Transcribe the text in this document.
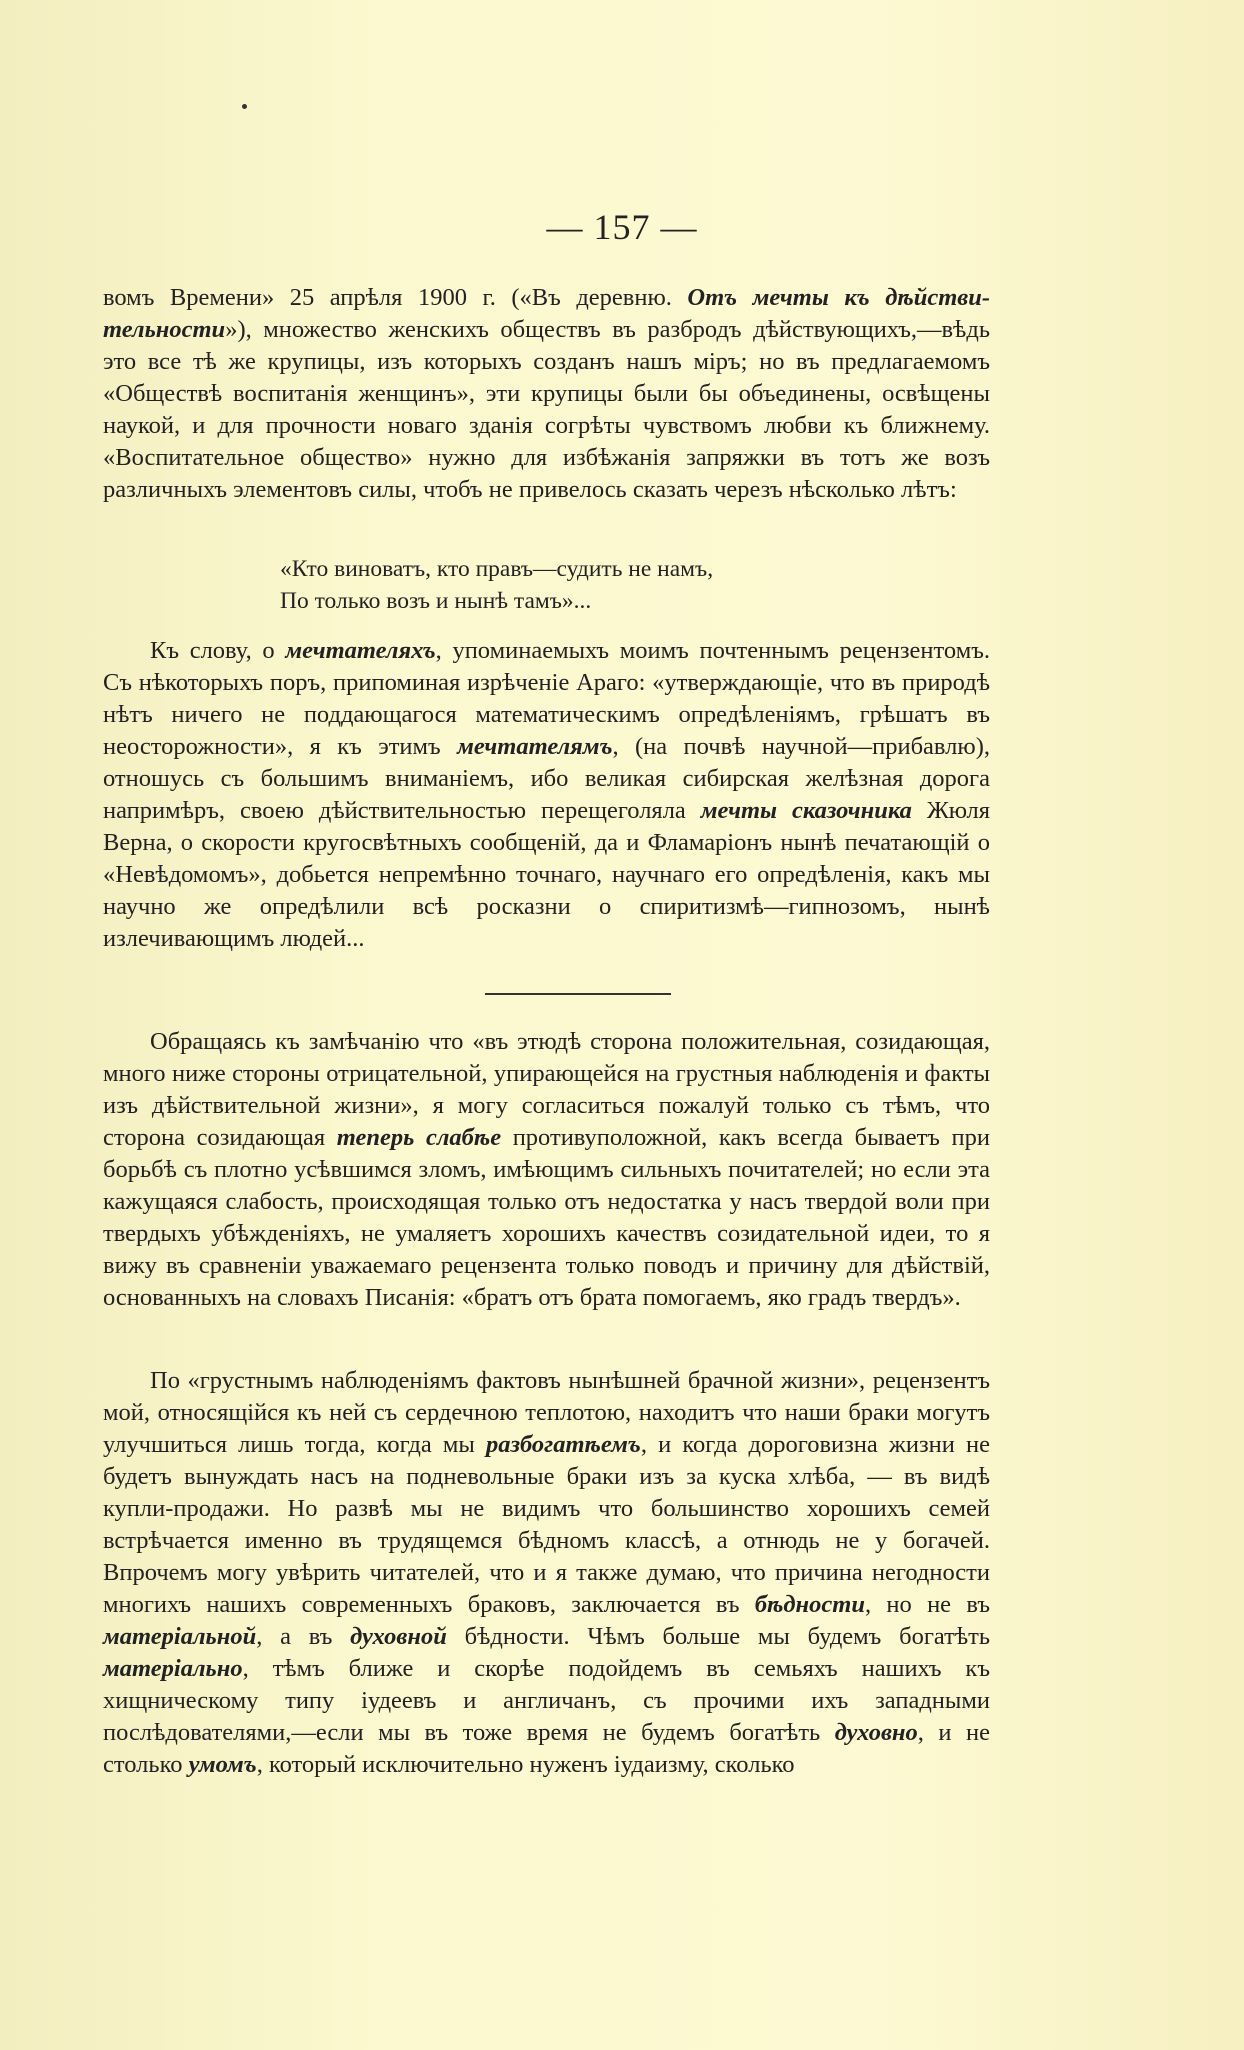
— 157 —

вомъ Времени» 25 апрѣля 1900 г. («Въ деревню. Отъ мечты къ дѣйстви-тельности»), множество женскихъ обществъ въ разбродъ дѣйствующихъ,—вѣдь это все тѣ же крупицы, изъ которыхъ созданъ нашъ міръ; но въ предлагаемомъ «Обществѣ воспитанія женщинъ», эти крупицы были бы объединены, освѣщены наукой, и для прочности новаго зданія согрѣты чувствомъ любви къ ближнему. «Воспитательное общество» нужно для избѣжанія запряжки въ тотъ же возъ различныхъ элементовъ силы, чтобъ не привелось сказать черезъ нѣсколько лѣтъ:

«Кто виноватъ, кто правъ—судить не намъ,
По только возъ и нынѣ тамъ»...

Къ слову, о мечтателяхъ, упоминаемыхъ моимъ почтеннымъ рецензентомъ. Съ нѣкоторыхъ поръ, припоминая изрѣченіе Араго: «утверждающіе, что въ природѣ нѣтъ ничего не поддающагося математическимъ опредѣленіямъ, грѣшатъ въ неосторожности», я къ этимъ мечтателямъ, (на почвѣ научной—прибавлю), отношусь съ большимъ вниманіемъ, ибо великая сибирская желѣзная дорога напримѣръ, своею дѣйствительностью перещеголяла мечты сказочника Жюля Верна, о скорости кругосвѣтныхъ сообщеній, да и Фламаріонъ нынѣ печатающій о «Невѣдомомъ», добьется непремѣнно точнаго, научнаго его опредѣленія, какъ мы научно же опредѣлили всѣ росказни о спиритизмѣ—гипнозомъ, нынѣ излечивающимъ людей...

Обращаясь къ замѣчанію что «въ этюдѣ сторона положительная, созидающая, много ниже стороны отрицательной, упирающейся на грустныя наблюденія и факты изъ дѣйствительной жизни», я могу согласиться пожалуй только съ тѣмъ, что сторона созидающая теперь слабѣе противуположной, какъ всегда бываетъ при борьбѣ съ плотно усѣвшимся зломъ, имѣющимъ сильныхъ почитателей; но если эта кажущаяся слабость, происходящая только отъ недостатка у насъ твердой воли при твердыхъ убѣжденіяхъ, не умаляетъ хорошихъ качествъ созидательной идеи, то я вижу въ сравненіи уважаемаго рецензента только поводъ и причину для дѣйствій, основанныхъ на словахъ Писанія: «братъ отъ брата помогаемъ, яко градъ твердъ».

По «грустнымъ наблюденіямъ фактовъ нынѣшней брачной жизни», рецензентъ мой, относящійся къ ней съ сердечною теплотою, находитъ что наши браки могутъ улучшиться лишь тогда, когда мы разбогатѣемъ, и когда дороговизна жизни не будетъ вынуждать насъ на подневольные браки изъ за куска хлѣба, — въ видѣ купли-продажи. Но развѣ мы не видимъ что большинство хорошихъ семей встрѣчается именно въ трудящемся бѣдномъ классѣ, а отнюдь не у богачей. Впрочемъ могу увѣрить читателей, что и я также думаю, что причина негодности многихъ нашихъ современныхъ браковъ, заключается въ бѣдности, но не въ матеріальной, а въ духовной бѣдности. Чѣмъ больше мы будемъ богатѣть матеріально, тѣмъ ближе и скорѣе подойдемъ въ семьяхъ нашихъ къ хищническому типу іудеевъ и англичанъ, съ прочими ихъ западными послѣдователями,—если мы въ тоже время не будемъ богатѣть духовно, и не столько умомъ, который исключительно нуженъ іудаизму, сколько
